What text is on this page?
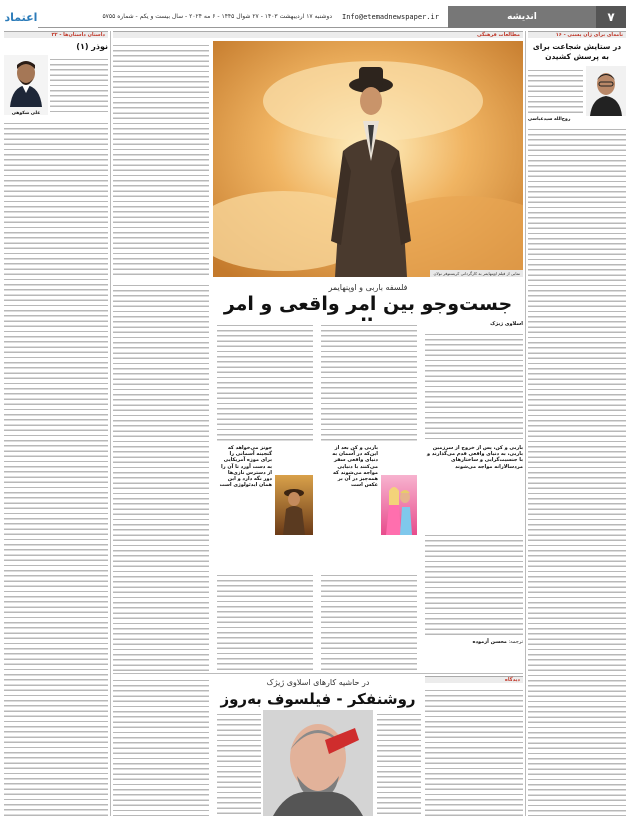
۷
اندیشه
Info@etemadnewspaper.ir
دوشنبه ۱۷ اردیبهشت ۱۴۰۳ - ۲۷ شوال ۱۴۴۵ - ۶ مه ۲۰۲۴ - سال بیست و یکم - شماره ۵۷۵۵
اعتماد
داستان داستان‌ها - ۳۲
نوذر (۱)
علی شکوهی
مطالعات فرهنگی
نمایی از فیلم اوپنهایمر به کارگردانی کریستوفر نولان
فلسفه باربی و اوپنهایمر
جست‌وجو بین امر واقعی و امر
اسلاوی ژیژک
جونز می‌خواهد که گنجینه آسمانی را برای موزه آمریکایی به دست آورد تا آن را از دسترس نازی‌ها دور نگه دارد و این همان ایدئولوژی است
باربی و کن بعد از این‌که در آسمان به دنیای واقعی سفر می‌کنند با دنیایی مواجه می‌شوند که همه‌چیز در آن بر عکس است
باربی و کن، پس از خروج از سرزمین باربی، به دنیای واقعی قدم می‌گذارند و با جنسیت‌گرایی و ساختارهای مردسالارانه مواجه می‌شوند
ترجمه: محسن آزموده
دیدگاه
در حاشیه کارهای اسلاوی ژیژک
روشنفکر - فیلسوف به‌روز
نامه‌ای برای ژان پسنی - ۱۶
در ستایش شجاعت برای به پرسش کشیدن
روح‌الله سیدعباسی
